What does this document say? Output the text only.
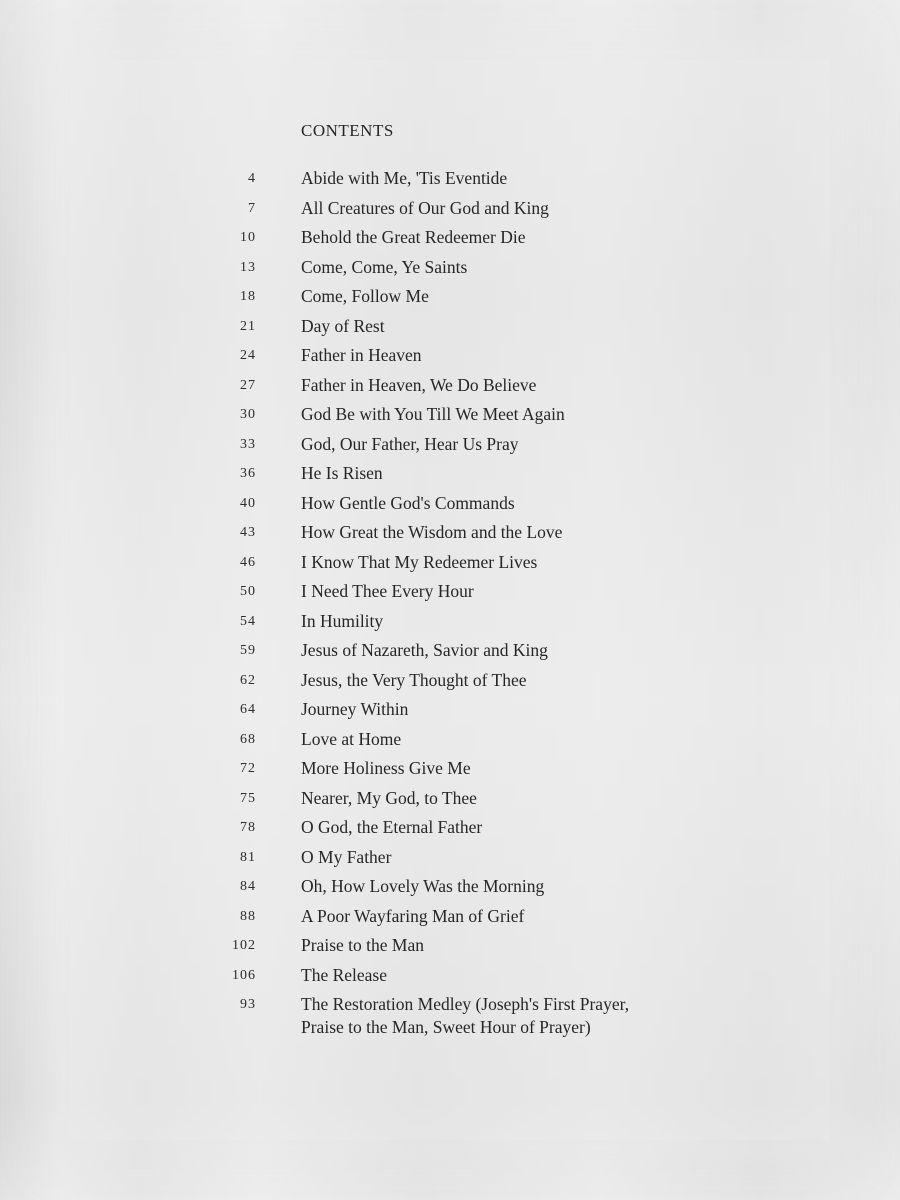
CONTENTS
4	Abide with Me, 'Tis Eventide
7	All Creatures of Our God and King
10	Behold the Great Redeemer Die
13	Come, Come, Ye Saints
18	Come, Follow Me
21	Day of Rest
24	Father in Heaven
27	Father in Heaven, We Do Believe
30	God Be with You Till We Meet Again
33	God, Our Father, Hear Us Pray
36	He Is Risen
40	How Gentle God's Commands
43	How Great the Wisdom and the Love
46	I Know That My Redeemer Lives
50	I Need Thee Every Hour
54	In Humility
59	Jesus of Nazareth, Savior and King
62	Jesus, the Very Thought of Thee
64	Journey Within
68	Love at Home
72	More Holiness Give Me
75	Nearer, My God, to Thee
78	O God, the Eternal Father
81	O My Father
84	Oh, How Lovely Was the Morning
88	A Poor Wayfaring Man of Grief
102	Praise to the Man
106	The Release
93	The Restoration Medley (Joseph's First Prayer,
Praise to the Man, Sweet Hour of Prayer)
